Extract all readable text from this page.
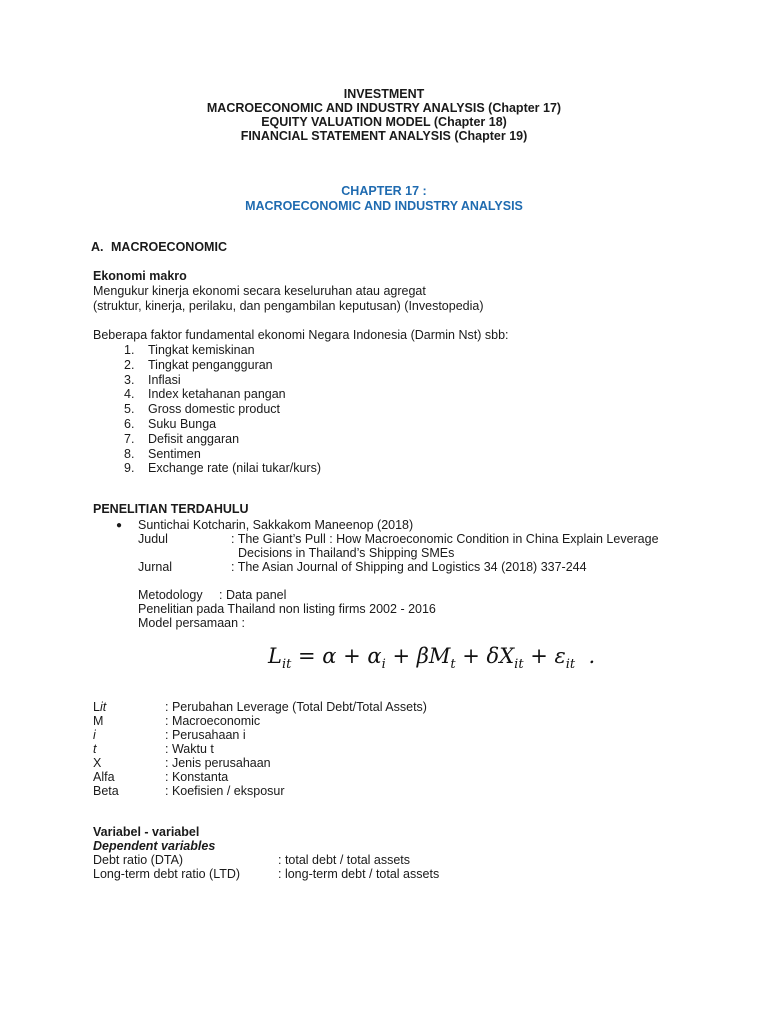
INVESTMENT
MACROECONOMIC AND INDUSTRY ANALYSIS (Chapter 17)
EQUITY VALUATION MODEL (Chapter 18)
FINANCIAL STATEMENT ANALYSIS (Chapter 19)
CHAPTER 17 :
MACROECONOMIC AND INDUSTRY ANALYSIS
A. MACROECONOMIC
Ekonomi makro
Mengukur kinerja ekonomi secara keseluruhan atau agregat
(struktur, kinerja, perilaku, dan pengambilan keputusan) (Investopedia)
Beberapa faktor fundamental ekonomi Negara Indonesia (Darmin Nst) sbb:
1. Tingkat kemiskinan
2. Tingkat pengangguran
3. Inflasi
4. Index ketahanan pangan
5. Gross domestic product
6. Suku Bunga
7. Defisit anggaran
8. Sentimen
9. Exchange rate (nilai tukar/kurs)
PENELITIAN TERDAHULU
● Suntichai Kotcharin, Sakkakom Maneenop (2018)
Judul	: The Giant’s Pull : How Macroeconomic Condition in China Explain Leverage
Decisions in Thailand’s Shipping SMEs
Jurnal	: The Asian Journal of Shipping and Logistics 34 (2018) 337-244
Metodology : Data panel
Penelitian pada Thailand non listing firms 2002 - 2016
Model persamaan :
$L_{it} = \alpha + \alpha_i + \beta M_t + \delta X_{it} + \varepsilon_{it}$  .
Lit	: Perubahan Leverage (Total Debt/Total Assets)
M	: Macroeconomic
i	: Perusahaan i
t	: Waktu t
X	: Jenis perusahaan
Alfa	: Konstanta
Beta	: Koefisien / eksposur
Variabel - variabel
Dependent variables
Debt ratio (DTA)	: total debt / total assets
Long-term debt ratio (LTD)	: long-term debt / total assets
